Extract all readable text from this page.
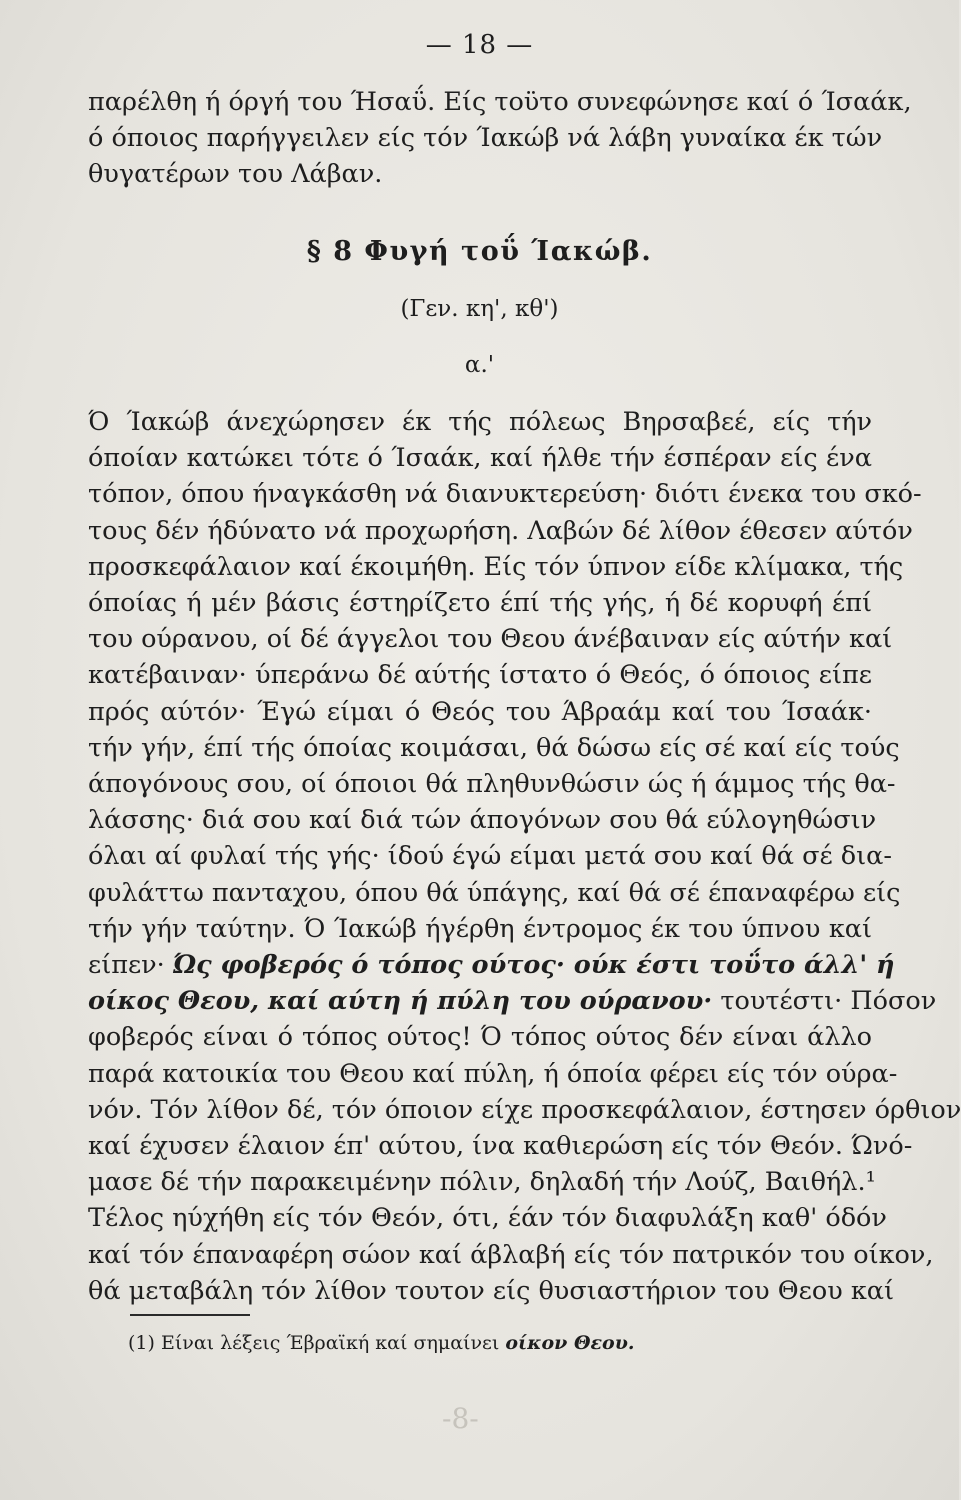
— 18 —
παρέλθη ή όργή του Ήσαΰ. Είς τοϋτο συνεφώνησε καί ό Ίσαάκ,
ό όποιος παρήγγειλεν είς τόν Ίακώβ νά λάβη γυναίκα έκ τών
θυγατέρων του Λάβαν.
§ 8 Φυγή τοΰ Ίακώβ.
(Γεν. κη', κθ')
α.'
Ό Ίακώβ άνεχώρησεν έκ τής πόλεως Βηρσαβεέ, είς τήν
όποίαν κατώκει τότε ό Ίσαάκ, καί ήλθε τήν έσπέραν είς ένα
τόπον, όπου ήναγκάσθη νά διανυκτερεύση· διότι ένεκα του σκό-
τους δέν ήδύνατο νά προχωρήση. Λαβών δέ λίθον έθεσεν αύτόν
προσκεφάλαιον καί έκοιμήθη. Είς τόν ύπνον είδε κλίμακα, τής
όποίας ή μέν βάσις έστηρίζετο έπί τής γής, ή δέ κορυφή έπί
του ούρανου, οί δέ άγγελοι του Θεου άνέβαιναν είς αύτήν καί
κατέβαιναν· ύπεράνω δέ αύτής ίστατο ό Θεός, ό όποιος είπε
πρός αύτόν· Έγώ είμαι ό Θεός του Άβραάμ καί του Ίσαάκ·
τήν γήν, έπί τής όποίας κοιμάσαι, θά δώσω είς σέ καί είς τούς
άπογόνους σου, οί όποιοι θά πληθυνθώσιν ώς ή άμμος τής θα-
λάσσης· διά σου καί διά τών άπογόνων σου θά εύλογηθώσιν
όλαι αί φυλαί τής γής· ίδού έγώ είμαι μετά σου καί θά σέ δια-
φυλάττω πανταχου, όπου θά ύπάγης, καί θά σέ έπαναφέρω είς
τήν γήν ταύτην. Ό Ίακώβ ήγέρθη έντρομος έκ του ύπνου καί
είπεν· Ώς φοβερός ό τόπος ούτος· ούκ έστι τοΰτο άλλ' ή
οίκος Θεου, καί αύτη ή πύλη του ούρανου· τουτέστι· Πόσον
φοβερός είναι ό τόπος ούτος! Ό τόπος ούτος δέν είναι άλλο
παρά κατοικία του Θεου καί πύλη, ή όποία φέρει είς τόν ούρα-
νόν. Τόν λίθον δέ, τόν όποιον είχε προσκεφάλαιον, έστησεν όρθιον
καί έχυσεν έλαιον έπ' αύτου, ίνα καθιερώση είς τόν Θεόν. Ώνό-
μασε δέ τήν παρακειμένην πόλιν, δηλαδή τήν Λούζ, Βαιθήλ.¹
Τέλος ηύχήθη είς τόν Θεόν, ότι, έάν τόν διαφυλάξη καθ' όδόν
καί τόν έπαναφέρη σώον καί άβλαβή είς τόν πατρικόν του οίκον,
θά μεταβάλη τόν λίθον τουτον είς θυσιαστήριον του Θεου καί
(1) Είναι λέξεις Έβραϊκή καί σημαίνει οίκον Θεου.
-8-
